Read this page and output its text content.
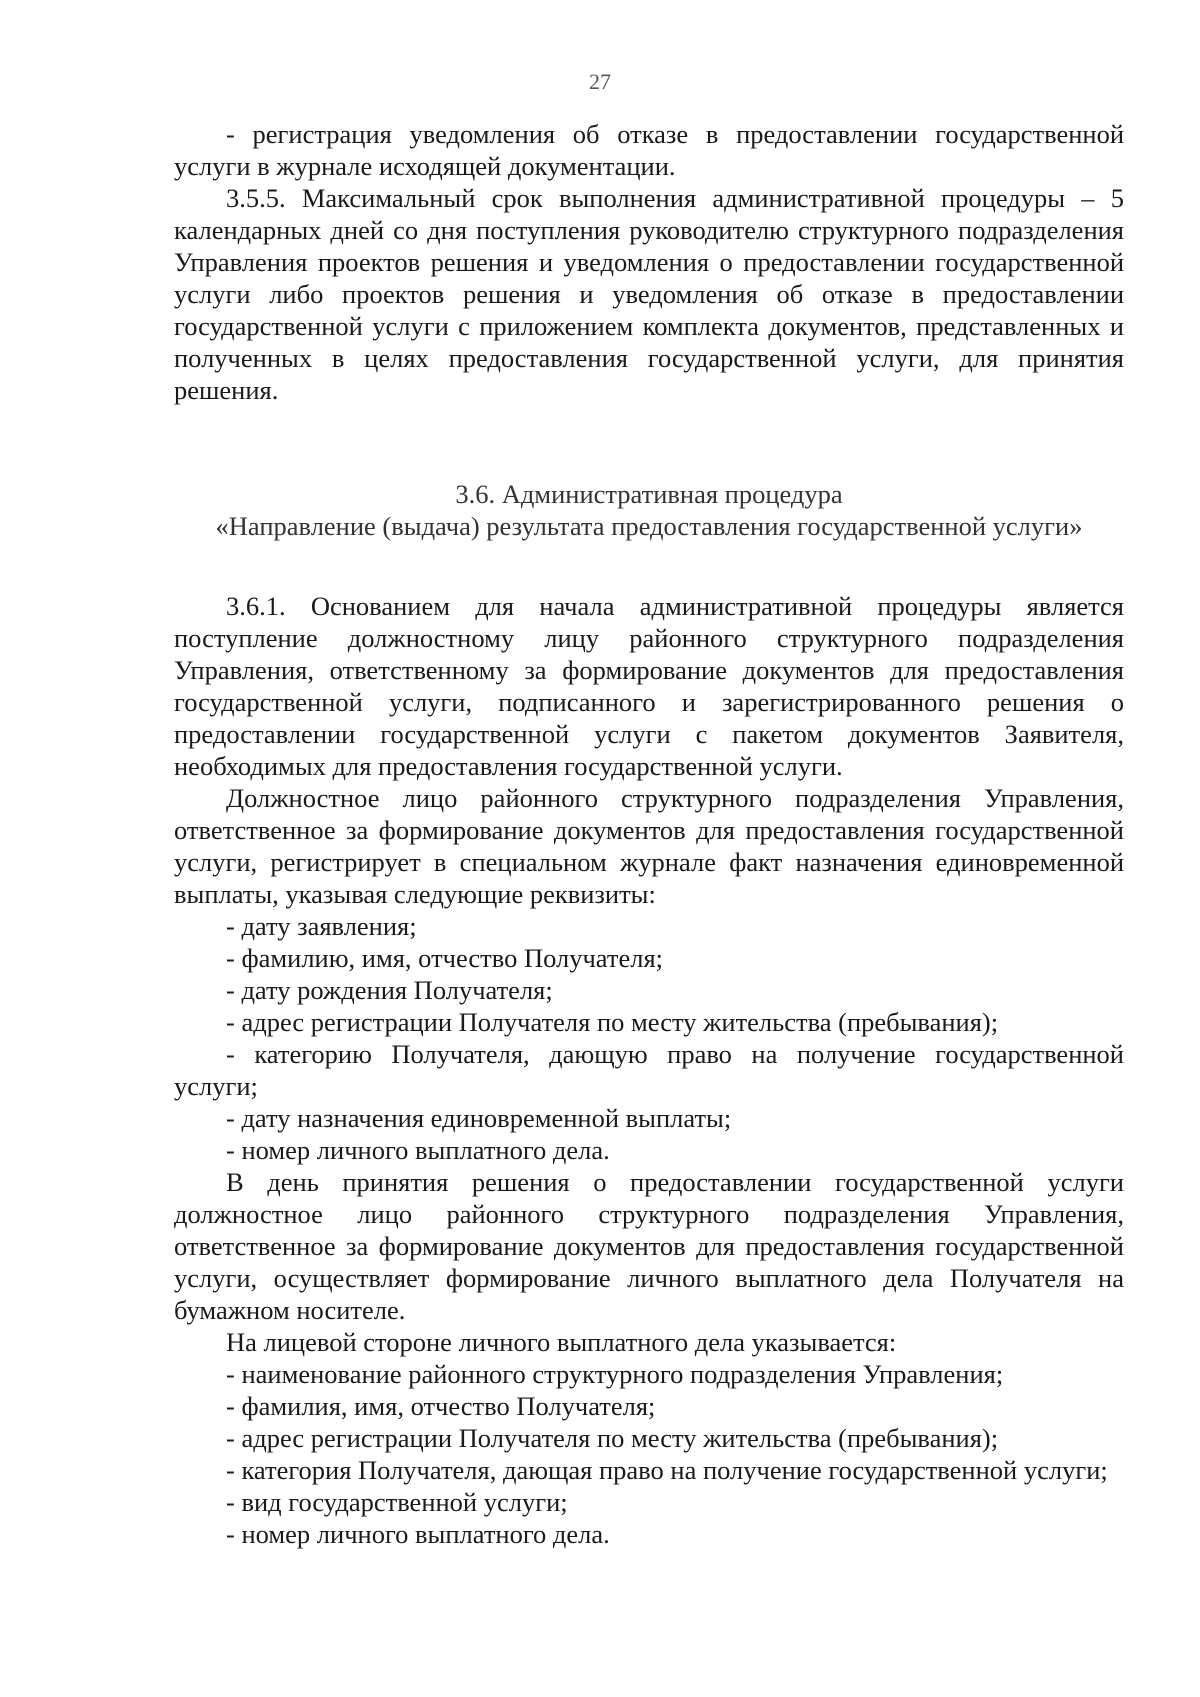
27

- регистрация уведомления об отказе в предоставлении государственной услуги в журнале исходящей документации.

3.5.5. Максимальный срок выполнения административной процедуры – 5 календарных дней со дня поступления руководителю структурного подразделения Управления проектов решения и уведомления о предоставлении государственной услуги либо проектов решения и уведомления об отказе в предоставлении государственной услуги с приложением комплекта документов, представленных и полученных в целях предоставления государственной услуги, для принятия решения.

3.6. Административная процедура

«Направление (выдача) результата предоставления государственной услуги»

3.6.1. Основанием для начала административной процедуры является поступление должностному лицу районного структурного подразделения Управления, ответственному за формирование документов для предоставления государственной услуги, подписанного и зарегистрированного решения о предоставлении государственной услуги с пакетом документов Заявителя, необходимых для предоставления государственной услуги.

Должностное лицо районного структурного подразделения Управления, ответственное за формирование документов для предоставления государственной услуги, регистрирует в специальном журнале факт назначения единовременной выплаты, указывая следующие реквизиты:

- дату заявления;

- фамилию, имя, отчество Получателя;

- дату рождения Получателя;

- адрес регистрации Получателя по месту жительства (пребывания);

- категорию Получателя, дающую право на получение государственной услуги;

- дату назначения единовременной выплаты;

- номер личного выплатного дела.

В день принятия решения о предоставлении государственной услуги должностное лицо районного структурного подразделения Управления, ответственное за формирование документов для предоставления государственной услуги, осуществляет формирование личного выплатного дела Получателя на бумажном носителе.

На лицевой стороне личного выплатного дела указывается:

- наименование районного структурного подразделения Управления;

- фамилия, имя, отчество Получателя;

- адрес регистрации Получателя по месту жительства (пребывания);

- категория Получателя, дающая право на получение государственной услуги;

- вид государственной услуги;

- номер личного выплатного дела.
